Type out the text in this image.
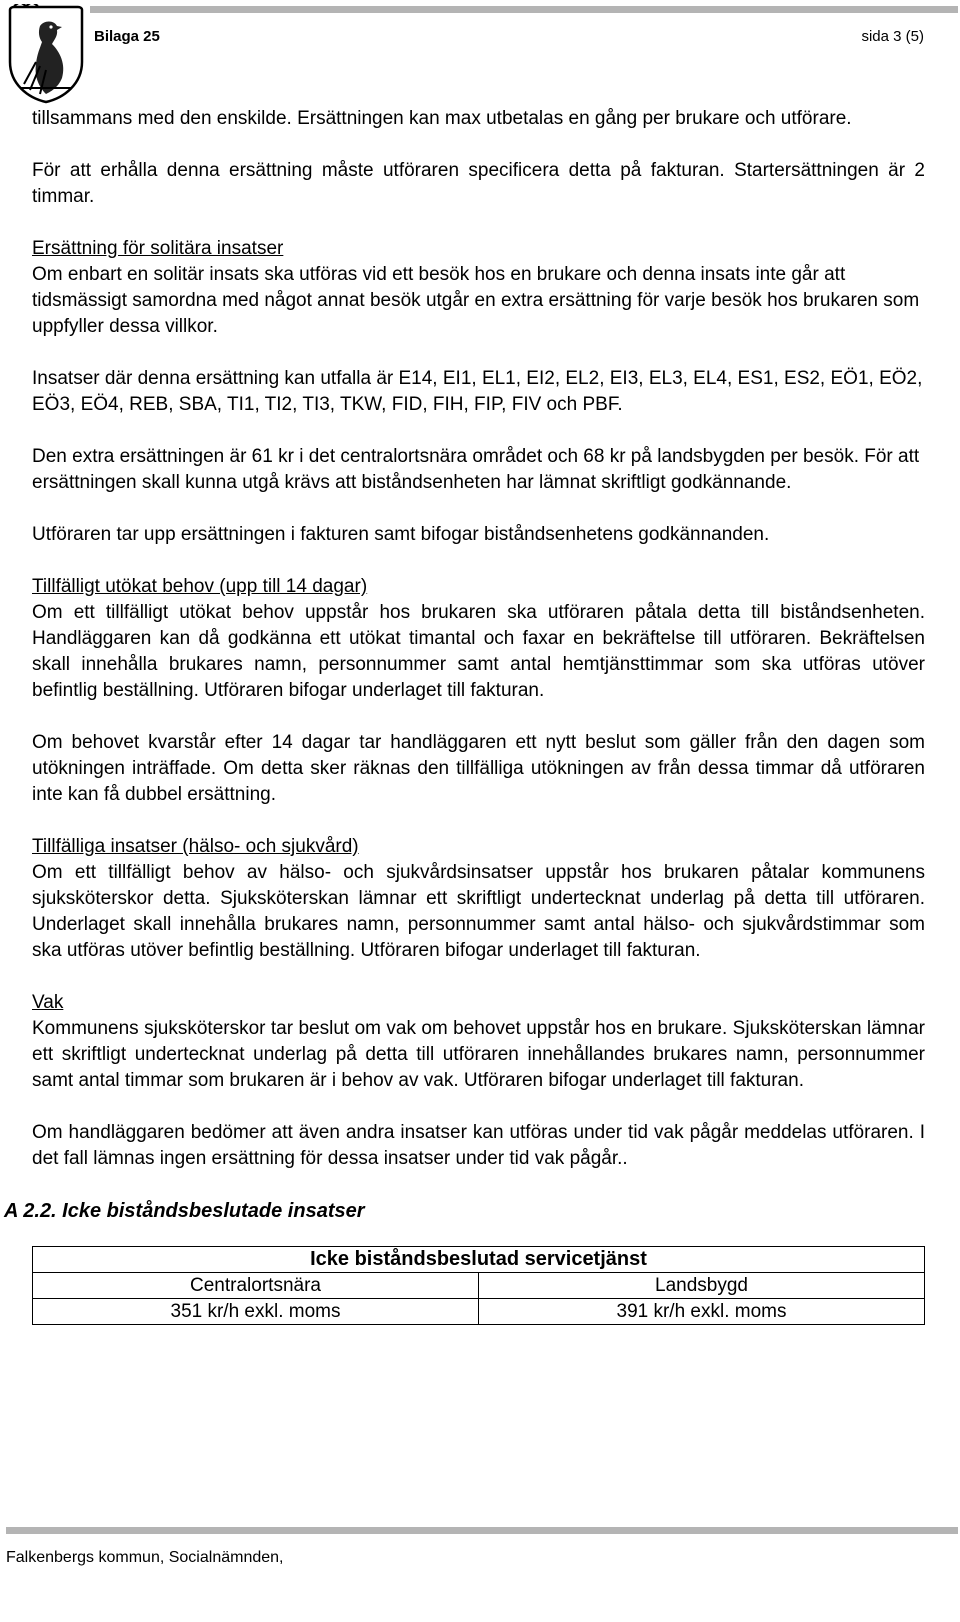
Bilaga 25	sida 3 (5)

tillsammans med den enskilde. Ersättningen kan max utbetalas en gång per brukare och utförare.

För att erhålla denna ersättning måste utföraren specificera detta på fakturan. Startersättningen är 2 timmar.

Ersättning för solitära insatser
Om enbart en solitär insats ska utföras vid ett besök hos en brukare och denna insats inte går att tidsmässigt samordna med något annat besök utgår en extra ersättning för varje besök hos brukaren som uppfyller dessa villkor.

Insatser där denna ersättning kan utfalla är E14, EI1, EL1, EI2, EL2, EI3, EL3, EL4, ES1, ES2, EÖ1, EÖ2, EÖ3, EÖ4, REB, SBA, TI1, TI2, TI3, TKW, FID, FIH, FIP, FIV och PBF.

Den extra ersättningen är 61 kr i det centralortsnära området och 68 kr på landsbygden per besök. För att ersättningen skall kunna utgå krävs att biståndsenheten har lämnat skriftligt godkännande.

Utföraren tar upp ersättningen i fakturen samt bifogar biståndsenhetens godkännanden.

Tillfälligt utökat behov (upp till 14 dagar)
Om ett tillfälligt utökat behov uppstår hos brukaren ska utföraren påtala detta till biståndsenheten. Handläggaren kan då godkänna ett utökat timantal och faxar en bekräftelse till utföraren. Bekräftelsen skall innehålla brukares namn, personnummer samt antal hemtjänsttimmar som ska utföras utöver befintlig beställning. Utföraren bifogar underlaget till fakturan.

Om behovet kvarstår efter 14 dagar tar handläggaren ett nytt beslut som gäller från den dagen som utökningen inträffade. Om detta sker räknas den tillfälliga utökningen av från dessa timmar då utföraren inte kan få dubbel ersättning.

Tillfälliga insatser (hälso- och sjukvård)
Om ett tillfälligt behov av hälso- och sjukvårdsinsatser uppstår hos brukaren påtalar kommunens sjuksköterskor detta. Sjuksköterskan lämnar ett skriftligt undertecknat underlag på detta till utföraren. Underlaget skall innehålla brukares namn, personnummer samt antal hälso- och sjukvårdstimmar som ska utföras utöver befintlig beställning. Utföraren bifogar underlaget till fakturan.

Vak
Kommunens sjuksköterskor tar beslut om vak om behovet uppstår hos en brukare. Sjuksköterskan lämnar ett skriftligt undertecknat underlag på detta till utföraren innehållandes brukares namn, personnummer samt antal timmar som brukaren är i behov av vak. Utföraren bifogar underlaget till fakturan.

Om handläggaren bedömer att även andra insatser kan utföras under tid vak pågår meddelas utföraren. I det fall lämnas ingen ersättning för dessa insatser under tid vak pågår..

A 2.2. Icke biståndsbeslutade insatser

Icke biståndsbeslutad servicetjänst	
Centralortsnära	Landsbygd
351 kr/h exkl. moms	391 kr/h exkl. moms
Falkenbergs kommun, Socialnämnden,
